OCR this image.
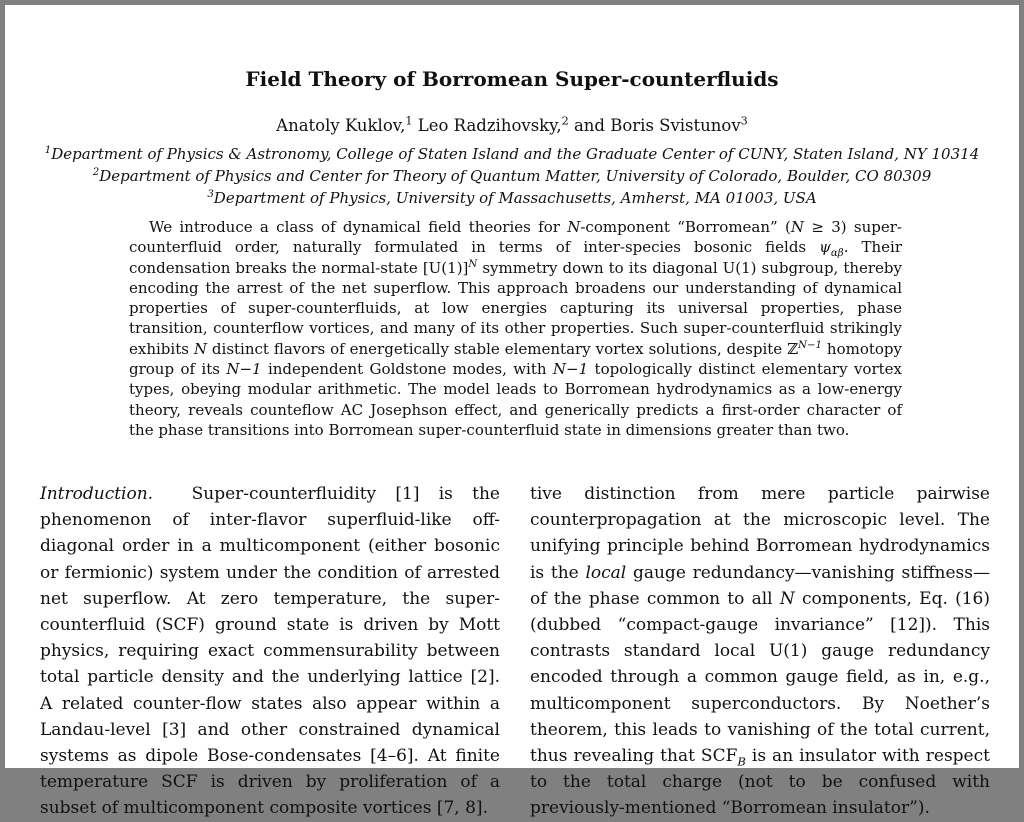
Field Theory of Borromean Super-counterfluids
Anatoly Kuklov,$^1$ Leo Radzihovsky,$^2$ and Boris Svistunov$^3$
$^1$Department of Physics & Astronomy, College of Staten Island and the Graduate Center of CUNY, Staten Island, NY 10314
$^2$Department of Physics and Center for Theory of Quantum Matter, University of Colorado, Boulder, CO 80309
$^3$Department of Physics, University of Massachusetts, Amherst, MA 01003, USA

We introduce a class of dynamical field theories for N-component “Borromean” (N ≥ 3) super-counterfluid order, naturally formulated in terms of inter-species bosonic fields $\psi_{\alpha\beta}$. Their condensation breaks the normal-state $[U(1)]^N$ symmetry down to its diagonal U(1) subgroup, thereby encoding the arrest of the net superflow. This approach broadens our understanding of dynamical properties of super-counterfluids, at low energies capturing its universal properties, phase transition, counterflow vortices, and many of its other properties. Such super-counterfluid strikingly exhibits N distinct flavors of energetically stable elementary vortex solutions, despite ℤ$^{N-1}$ homotopy group of its N−1 independent Goldstone modes, with N−1 topologically distinct elementary vortex types, obeying modular arithmetic. The model leads to Borromean hydrodynamics as a low-energy theory, reveals counteflow AC Josephson effect, and generically predicts a first-order character of the phase transitions into Borromean super-counterfluid state in dimensions greater than two.

Introduction. Super-counterfluidity [1] is the phenomenon of inter-flavor superfluid-like off-diagonal order in a multicomponent (either bosonic or fermionic) system under the condition of arrested net superflow. At zero temperature, the super-counterfluid (SCF) ground state is driven by Mott physics, requiring exact commensurability between total particle density and the underlying lattice [2]. A related counter-flow states also appear within a Landau-level [3] and other constrained dynamical systems as dipole Bose-condensates [4–6]. At finite temperature SCF is driven by proliferation of a subset of multicomponent composite vortices [7, 8].

tive distinction from mere particle pairwise counterpropagation at the microscopic level. The unifying principle behind Borromean hydrodynamics is the local gauge redundancy—vanishing stiffness—of the phase common to all N components, Eq. (16) (dubbed “compact-gauge invariance” [12]). This contrasts standard local U(1) gauge redundancy encoded through a common gauge field, as in, e.g., multicomponent superconductors. By Noether’s theorem, this leads to vanishing of the total current, thus revealing that $SCF_B$ is an insulator with respect to the total charge (not to be confused with previously-mentioned “Borromean insulator”).
